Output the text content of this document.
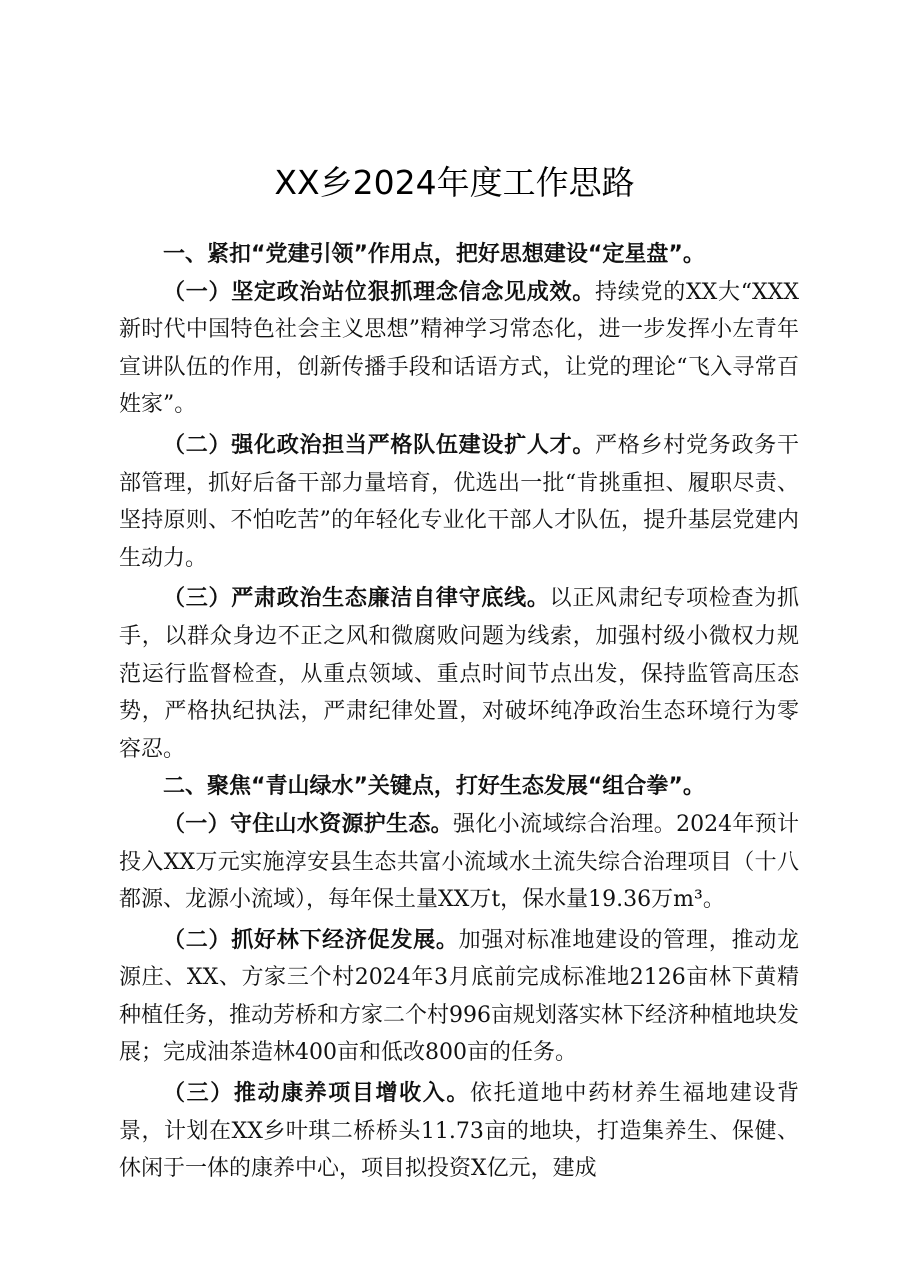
XX乡2024年度工作思路

一、紧扣“党建引领”作用点，把好思想建设“定星盘”。

（一）坚定政治站位狠抓理念信念见成效。持续党的XX大“XXX新时代中国特色社会主义思想”精神学习常态化，进一步发挥小左青年宣讲队伍的作用，创新传播手段和话语方式，让党的理论“飞入寻常百姓家”。

（二）强化政治担当严格队伍建设扩人才。严格乡村党务政务干部管理，抓好后备干部力量培育，优选出一批“肯挑重担、履职尽责、坚持原则、不怕吃苦”的年轻化专业化干部人才队伍，提升基层党建内生动力。

（三）严肃政治生态廉洁自律守底线。以正风肃纪专项检查为抓手，以群众身边不正之风和微腐败问题为线索，加强村级小微权力规范运行监督检查，从重点领域、重点时间节点出发，保持监管高压态势，严格执纪执法，严肃纪律处置，对破坏纯净政治生态环境行为零容忍。

二、聚焦“青山绿水”关键点，打好生态发展“组合拳”。

（一）守住山水资源护生态。强化小流域综合治理。2024年预计投入XX万元实施淳安县生态共富小流域水土流失综合治理项目（十八都源、龙源小流域），每年保土量XX万t，保水量19.36万m³。

（二）抓好林下经济促发展。加强对标准地建设的管理，推动龙源庄、XX、方家三个村2024年3月底前完成标准地2126亩林下黄精种植任务，推动芳桥和方家二个村996亩规划落实林下经济种植地块发展；完成油茶造林400亩和低改800亩的任务。

（三）推动康养项目增收入。依托道地中药材养生福地建设背景，计划在XX乡叶琪二桥桥头11.73亩的地块，打造集养生、保健、休闲于一体的康养中心，项目拟投资X亿元，建成
